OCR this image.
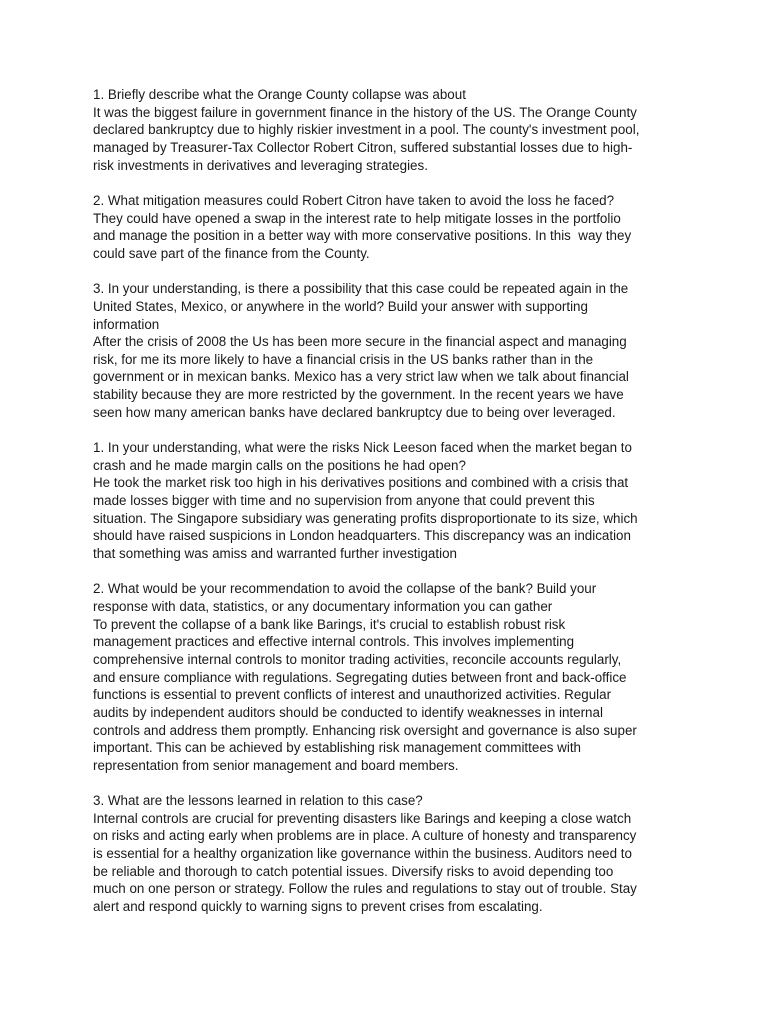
1. Briefly describe what the Orange County collapse was about
It was the biggest failure in government finance in the history of the US. The Orange County
declared bankruptcy due to highly riskier investment in a pool. The county's investment pool,
managed by Treasurer-Tax Collector Robert Citron, suffered substantial losses due to high-
risk investments in derivatives and leveraging strategies.
2. What mitigation measures could Robert Citron have taken to avoid the loss he faced?
They could have opened a swap in the interest rate to help mitigate losses in the portfolio
and manage the position in a better way with more conservative positions. In this  way they
could save part of the finance from the County.
3. In your understanding, is there a possibility that this case could be repeated again in the
United States, Mexico, or anywhere in the world? Build your answer with supporting
information
After the crisis of 2008 the Us has been more secure in the financial aspect and managing
risk, for me its more likely to have a financial crisis in the US banks rather than in the
government or in mexican banks. Mexico has a very strict law when we talk about financial
stability because they are more restricted by the government. In the recent years we have
seen how many american banks have declared bankruptcy due to being over leveraged.
1. In your understanding, what were the risks Nick Leeson faced when the market began to
crash and he made margin calls on the positions he had open?
He took the market risk too high in his derivatives positions and combined with a crisis that
made losses bigger with time and no supervision from anyone that could prevent this
situation. The Singapore subsidiary was generating profits disproportionate to its size, which
should have raised suspicions in London headquarters. This discrepancy was an indication
that something was amiss and warranted further investigation
2. What would be your recommendation to avoid the collapse of the bank? Build your
response with data, statistics, or any documentary information you can gather
To prevent the collapse of a bank like Barings, it's crucial to establish robust risk
management practices and effective internal controls. This involves implementing
comprehensive internal controls to monitor trading activities, reconcile accounts regularly,
and ensure compliance with regulations. Segregating duties between front and back-office
functions is essential to prevent conflicts of interest and unauthorized activities. Regular
audits by independent auditors should be conducted to identify weaknesses in internal
controls and address them promptly. Enhancing risk oversight and governance is also super
important. This can be achieved by establishing risk management committees with
representation from senior management and board members.
3. What are the lessons learned in relation to this case?
Internal controls are crucial for preventing disasters like Barings and keeping a close watch
on risks and acting early when problems are in place. A culture of honesty and transparency
is essential for a healthy organization like governance within the business. Auditors need to
be reliable and thorough to catch potential issues. Diversify risks to avoid depending too
much on one person or strategy. Follow the rules and regulations to stay out of trouble. Stay
alert and respond quickly to warning signs to prevent crises from escalating.
